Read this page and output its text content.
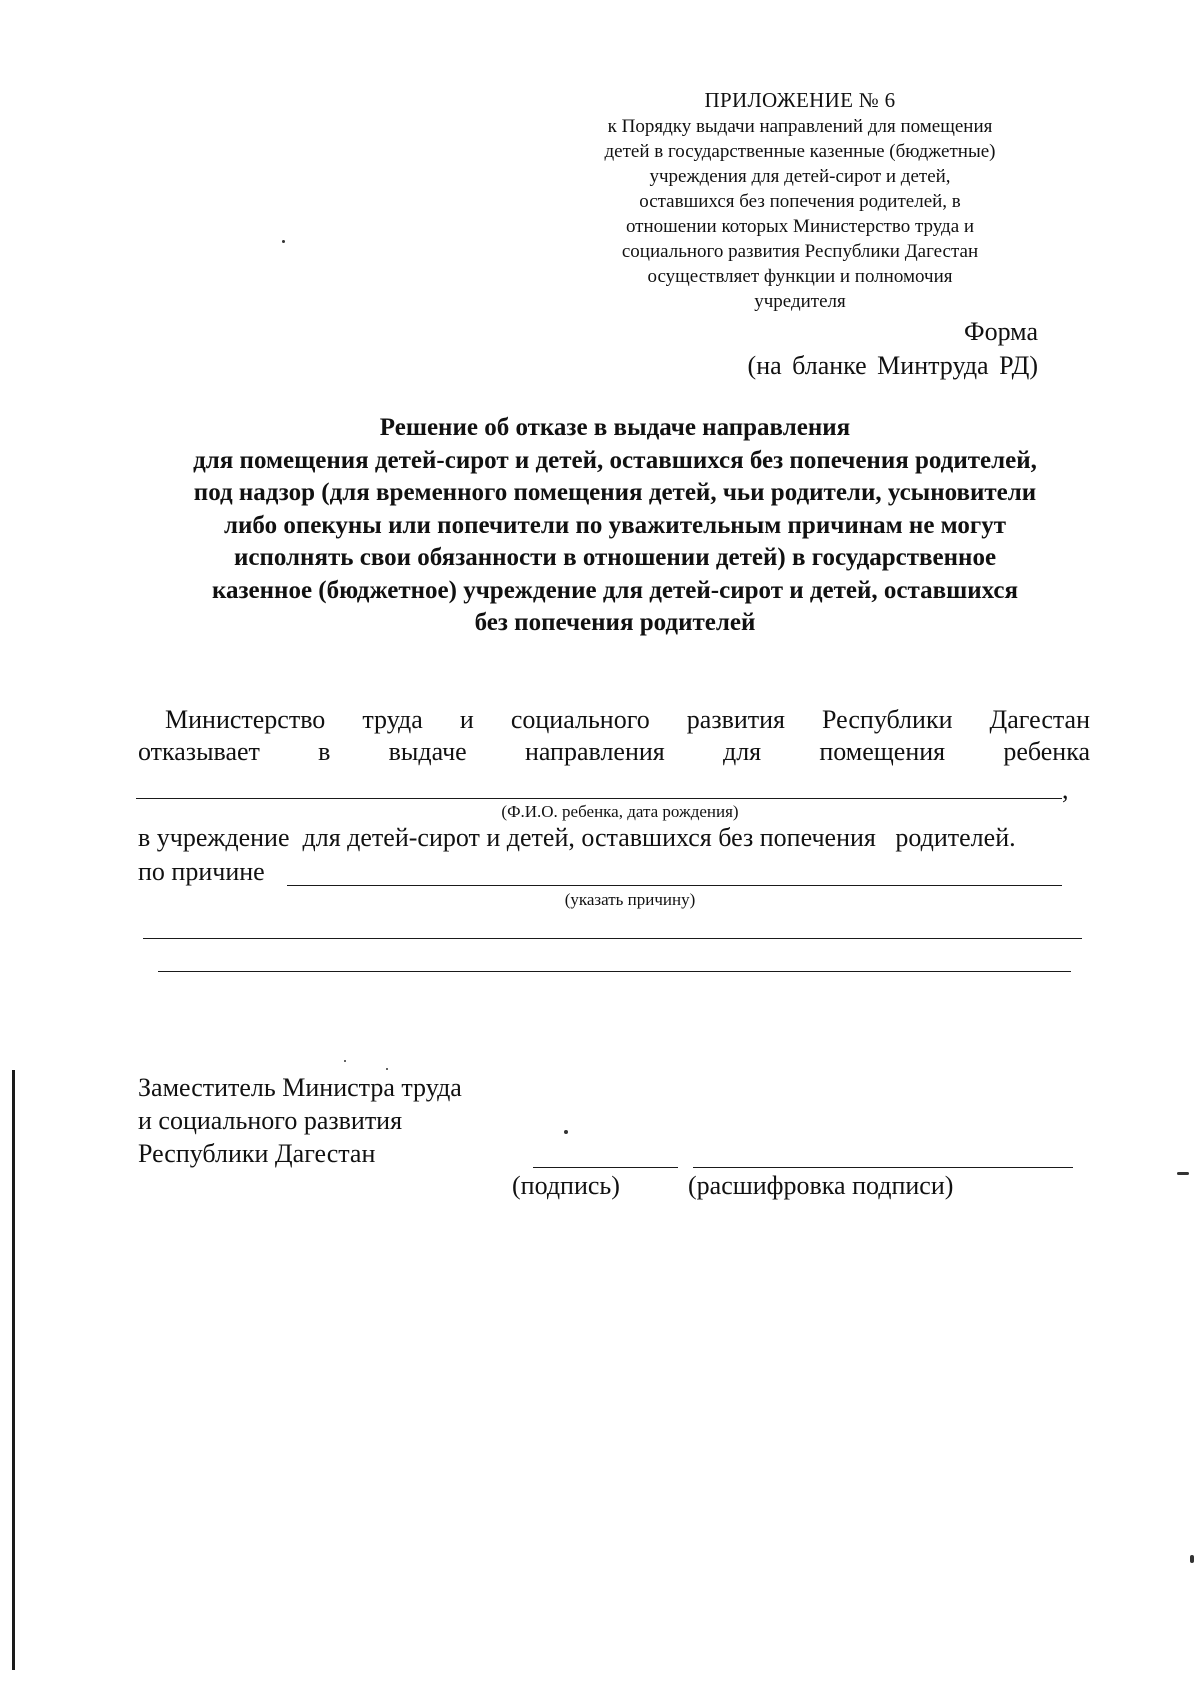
ПРИЛОЖЕНИЕ № 6
к Порядку выдачи направлений для помещения
детей в государственные казенные (бюджетные)
учреждения для детей-сирот и детей,
оставшихся без попечения родителей, в
отношении которых Министерство труда и
социального развития Республики Дагестан
осуществляет функции и полномочия
учредителя
Форма
(на бланке Минтруда РД)
Решение об отказе в выдаче направления
для помещения детей-сирот и детей, оставшихся без попечения родителей,
под надзор (для временного помещения детей, чьи родители, усыновители
либо опекуны или попечители по уважительным причинам не могут
исполнять свои обязанности в отношении детей) в государственное
казенное (бюджетное) учреждение для детей-сирот и детей, оставшихся
без попечения родителей
Министерство труда и социального развития Республики Дагестан
отказывает в выдаче направления для помещения ребенка
,
(Ф.И.О. ребенка, дата рождения)
в учреждение  для детей-сирот и детей, оставшихся без попечения   родителей.
по причине
(указать причину)
Заместитель Министра труда
и социального развития
Республики Дагестан
(подпись)	(расшифровка подписи)
